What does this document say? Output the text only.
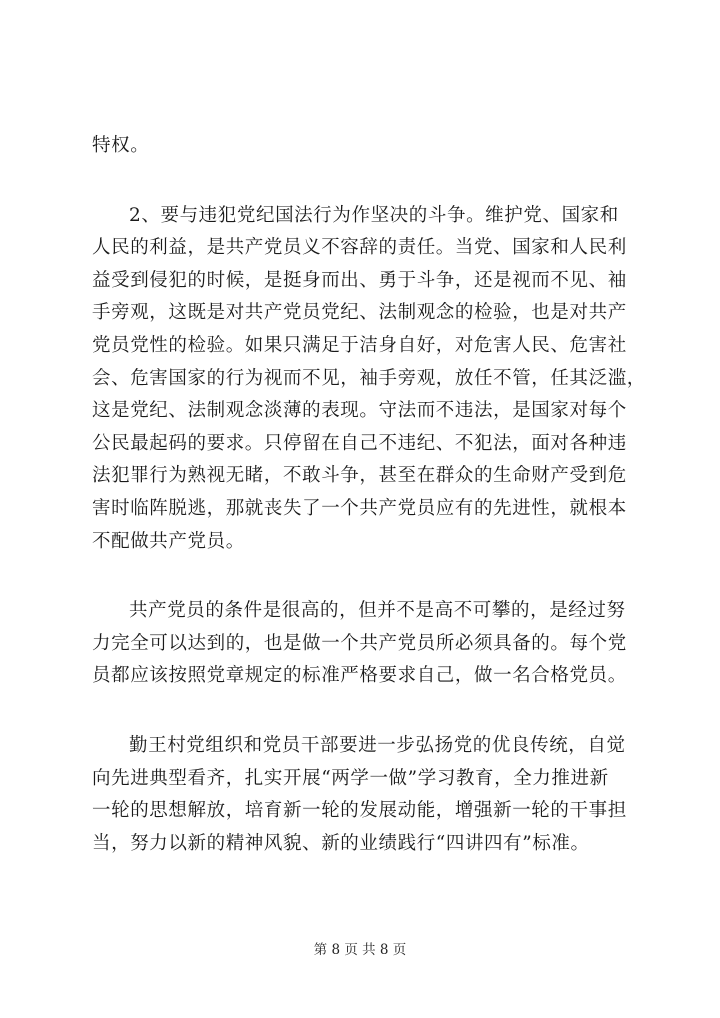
特权。
2、要与违犯党纪国法行为作坚决的斗争。维护党、国家和
人民的利益，是共产党员义不容辞的责任。当党、国家和人民利
益受到侵犯的时候，是挺身而出、勇于斗争，还是视而不见、袖
手旁观，这既是对共产党员党纪、法制观念的检验，也是对共产
党员党性的检验。如果只满足于洁身自好，对危害人民、危害社
会、危害国家的行为视而不见，袖手旁观，放任不管，任其泛滥，
这是党纪、法制观念淡薄的表现。守法而不违法，是国家对每个
公民最起码的要求。只停留在自己不违纪、不犯法，面对各种违
法犯罪行为熟视无睹，不敢斗争，甚至在群众的生命财产受到危
害时临阵脱逃，那就丧失了一个共产党员应有的先进性，就根本
不配做共产党员。
共产党员的条件是很高的，但并不是高不可攀的，是经过努
力完全可以达到的，也是做一个共产党员所必须具备的。每个党
员都应该按照党章规定的标准严格要求自己，做一名合格党员。
勤王村党组织和党员干部要进一步弘扬党的优良传统，自觉
向先进典型看齐，扎实开展“两学一做”学习教育，全力推进新
一轮的思想解放，培育新一轮的发展动能，增强新一轮的干事担
当，努力以新的精神风貌、新的业绩践行“四讲四有”标准。
第 8 页 共 8 页
